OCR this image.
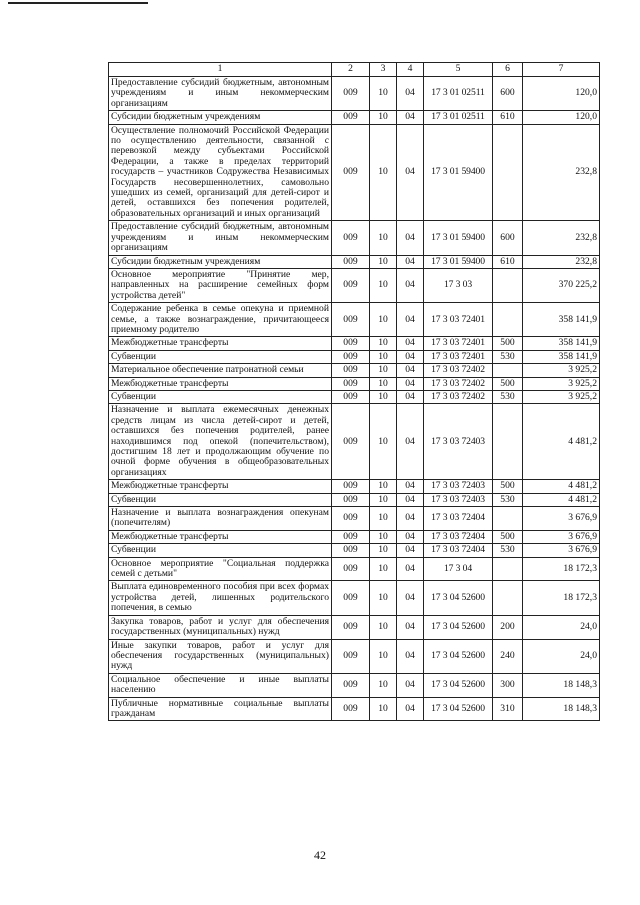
1	2	3	4	5	6	7
Предоставление субсидий бюджетным, автономным учреждениям и иным некоммерческим организациям	009	10	04	17 3 01 02511	600	120,0
Субсидии бюджетным учреждениям	009	10	04	17 3 01 02511	610	120,0
Осуществление полномочий Российской Федерации по осуществлению деятельности, связанной с перевозкой между субъектами Российской Федерации, а также в пределах территорий государств – участников Содружества Независимых Государств несовершеннолетних, самовольно ушедших из семей, организаций для детей-сирот и детей, оставшихся без попечения родителей, образовательных организаций и иных организаций	009	10	04	17 3 01 59400		232,8
Предоставление субсидий бюджетным, автономным учреждениям и иным некоммерческим организациям	009	10	04	17 3 01 59400	600	232,8
Субсидии бюджетным учреждениям	009	10	04	17 3 01 59400	610	232,8
Основное мероприятие "Принятие мер, направленных на расширение семейных форм устройства детей"	009	10	04	17 3 03		370 225,2
Содержание ребенка в семье опекуна и приемной семье, а также вознаграждение, причитающееся приемному родителю	009	10	04	17 3 03 72401		358 141,9
Межбюджетные трансферты	009	10	04	17 3 03 72401	500	358 141,9
Субвенции	009	10	04	17 3 03 72401	530	358 141,9
Материальное обеспечение патронатной семьи	009	10	04	17 3 03 72402		3 925,2
Межбюджетные трансферты	009	10	04	17 3 03 72402	500	3 925,2
Субвенции	009	10	04	17 3 03 72402	530	3 925,2
Назначение и выплата ежемесячных денежных средств лицам из числа детей-сирот и детей, оставшихся без попечения родителей, ранее находившимся под опекой (попечительством), достигшим 18 лет и продолжающим обучение по очной форме обучения в общеобразовательных организациях	009	10	04	17 3 03 72403		4 481,2
Межбюджетные трансферты	009	10	04	17 3 03 72403	500	4 481,2
Субвенции	009	10	04	17 3 03 72403	530	4 481,2
Назначение и выплата вознаграждения опекунам (попечителям)	009	10	04	17 3 03 72404		3 676,9
Межбюджетные трансферты	009	10	04	17 3 03 72404	500	3 676,9
Субвенции	009	10	04	17 3 03 72404	530	3 676,9
Основное мероприятие "Социальная поддержка семей с детьми"	009	10	04	17 3 04		18 172,3
Выплата единовременного пособия при всех формах устройства детей, лишенных родительского попечения, в семью	009	10	04	17 3 04 52600		18 172,3
Закупка товаров, работ и услуг для обеспечения государственных (муниципальных) нужд	009	10	04	17 3 04 52600	200	24,0
Иные закупки товаров, работ и услуг для обеспечения государственных (муниципальных) нужд	009	10	04	17 3 04 52600	240	24,0
Социальное обеспечение и иные выплаты населению	009	10	04	17 3 04 52600	300	18 148,3
Публичные нормативные социальные выплаты гражданам	009	10	04	17 3 04 52600	310	18 148,3
42
